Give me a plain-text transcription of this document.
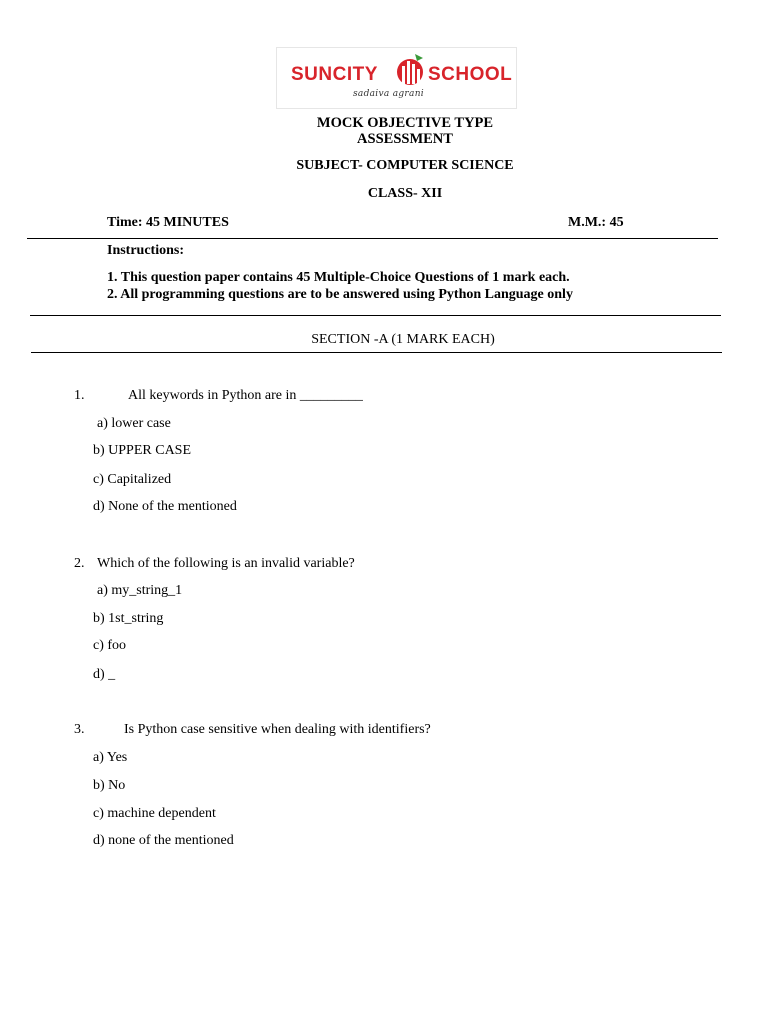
SUNCITY	SCHOOL
sadaiva agrani
MOCK OBJECTIVE TYPE
ASSESSMENT
SUBJECT- COMPUTER SCIENCE
CLASS- XII
Time: 45 MINUTES	M.M.: 45
Instructions:
1. This question paper contains 45 Multiple-Choice Questions of 1 mark each.
2. All programming questions are to be answered using Python Language only
SECTION -A (1 MARK EACH)
1.	All keywords in Python are in _________
a) lower case
b) UPPER CASE
c) Capitalized
d) None of the mentioned
2. Which of the following is an invalid variable?
a) my_string_1
b) 1st_string
c) foo
d) _
3.	Is Python case sensitive when dealing with identifiers?
a) Yes
b) No
c) machine dependent
d) none of the mentioned
